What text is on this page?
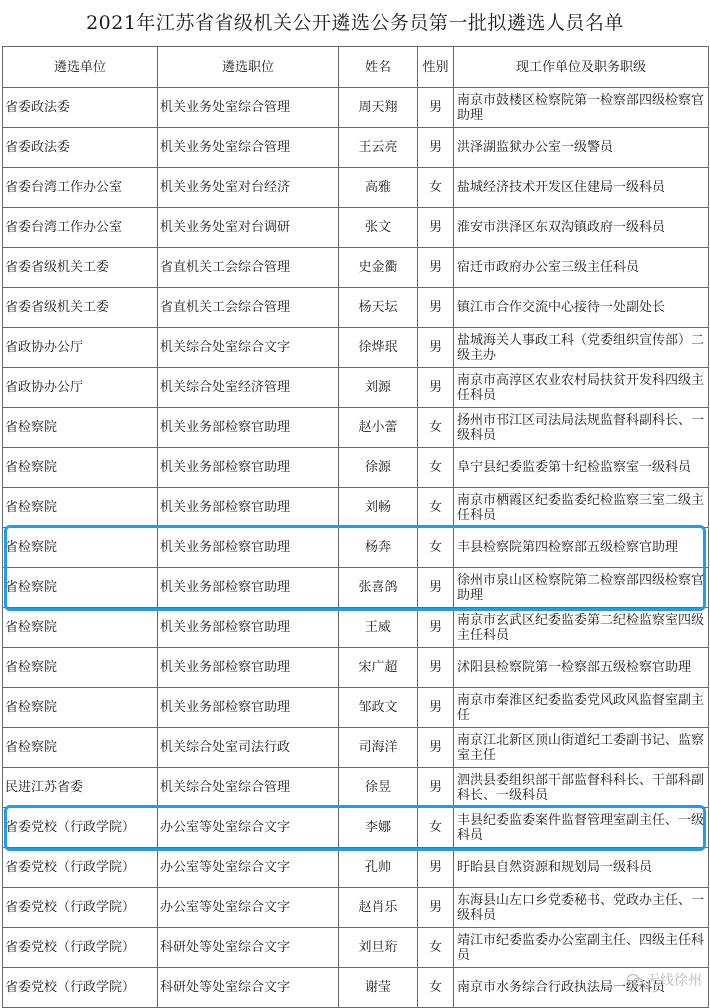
2021年江苏省省级机关公开遴选公务员第一批拟遴选人员名单
遴选单位	遴选职位	姓名	性别	现工作单位及职务职级
省委政法委	机关业务处室综合管理	周天翔	男	南京市鼓楼区检察院第一检察部四级检察官助理
省委政法委	机关业务处室综合管理	王云亮	男	洪泽湖监狱办公室一级警员
省委台湾工作办公室	机关业务处室对台经济	高雅	女	盐城经济技术开发区住建局一级科员
省委台湾工作办公室	机关业务处室对台调研	张文	男	淮安市洪泽区东双沟镇政府一级科员
省委省级机关工委	省直机关工会综合管理	史金衢	男	宿迁市政府办公室三级主任科员
省委省级机关工委	省直机关工会综合管理	杨天坛	男	镇江市合作交流中心接待一处副处长
省政协办公厅	机关综合处室综合文字	徐烨珉	男	盐城海关人事政工科（党委组织宣传部）二级主办
省政协办公厅	机关综合处室经济管理	刘源	男	南京市高淳区农业农村局扶贫开发科四级主任科员
省检察院	机关业务部检察官助理	赵小蕾	女	扬州市邗江区司法局法规监督科副科长、一级科员
省检察院	机关业务部检察官助理	徐源	女	阜宁县纪委监委第十纪检监察室一级科员
省检察院	机关业务部检察官助理	刘畅	女	南京市栖霞区纪委监委纪检监察三室二级主任科员
省检察院	机关业务部检察官助理	杨奔	女	丰县检察院第四检察部五级检察官助理
省检察院	机关业务部检察官助理	张喜鸽	男	徐州市泉山区检察院第二检察部四级检察官助理
省检察院	机关业务部检察官助理	王威	男	南京市玄武区纪委监委第二纪检监察室四级主任科员
省检察院	机关业务部检察官助理	宋广超	男	沭阳县检察院第一检察部五级检察官助理
省检察院	机关业务部检察官助理	邹政文	男	南京市秦淮区纪委监委党风政风监督室副主任
省检察院	机关综合处室司法行政	司海洋	男	南京江北新区顶山街道纪工委副书记、监察室主任
民进江苏省委	机关综合处室综合管理	徐昱	男	泗洪县委组织部干部监督科科长、干部科副科长、一级科员
省委党校（行政学院）	办公室等处室综合文字	李娜	女	丰县纪委监委案件监督管理室副主任、一级科员
省委党校（行政学院）	办公室等处室综合文字	孔帅	男	盱眙县自然资源和规划局一级科员
省委党校（行政学院）	办公室等处室综合文字	赵肖乐	男	东海县山左口乡党委秘书、党政办主任、一级科员
省委党校（行政学院）	科研处等处室综合文字	刘旦珩	女	靖江市纪委监委办公室副主任、四级主任科员
省委党校（行政学院）	科研处等处室综合文字	谢莹	女	南京市水务综合行政执法局一级科员
无线徐州
